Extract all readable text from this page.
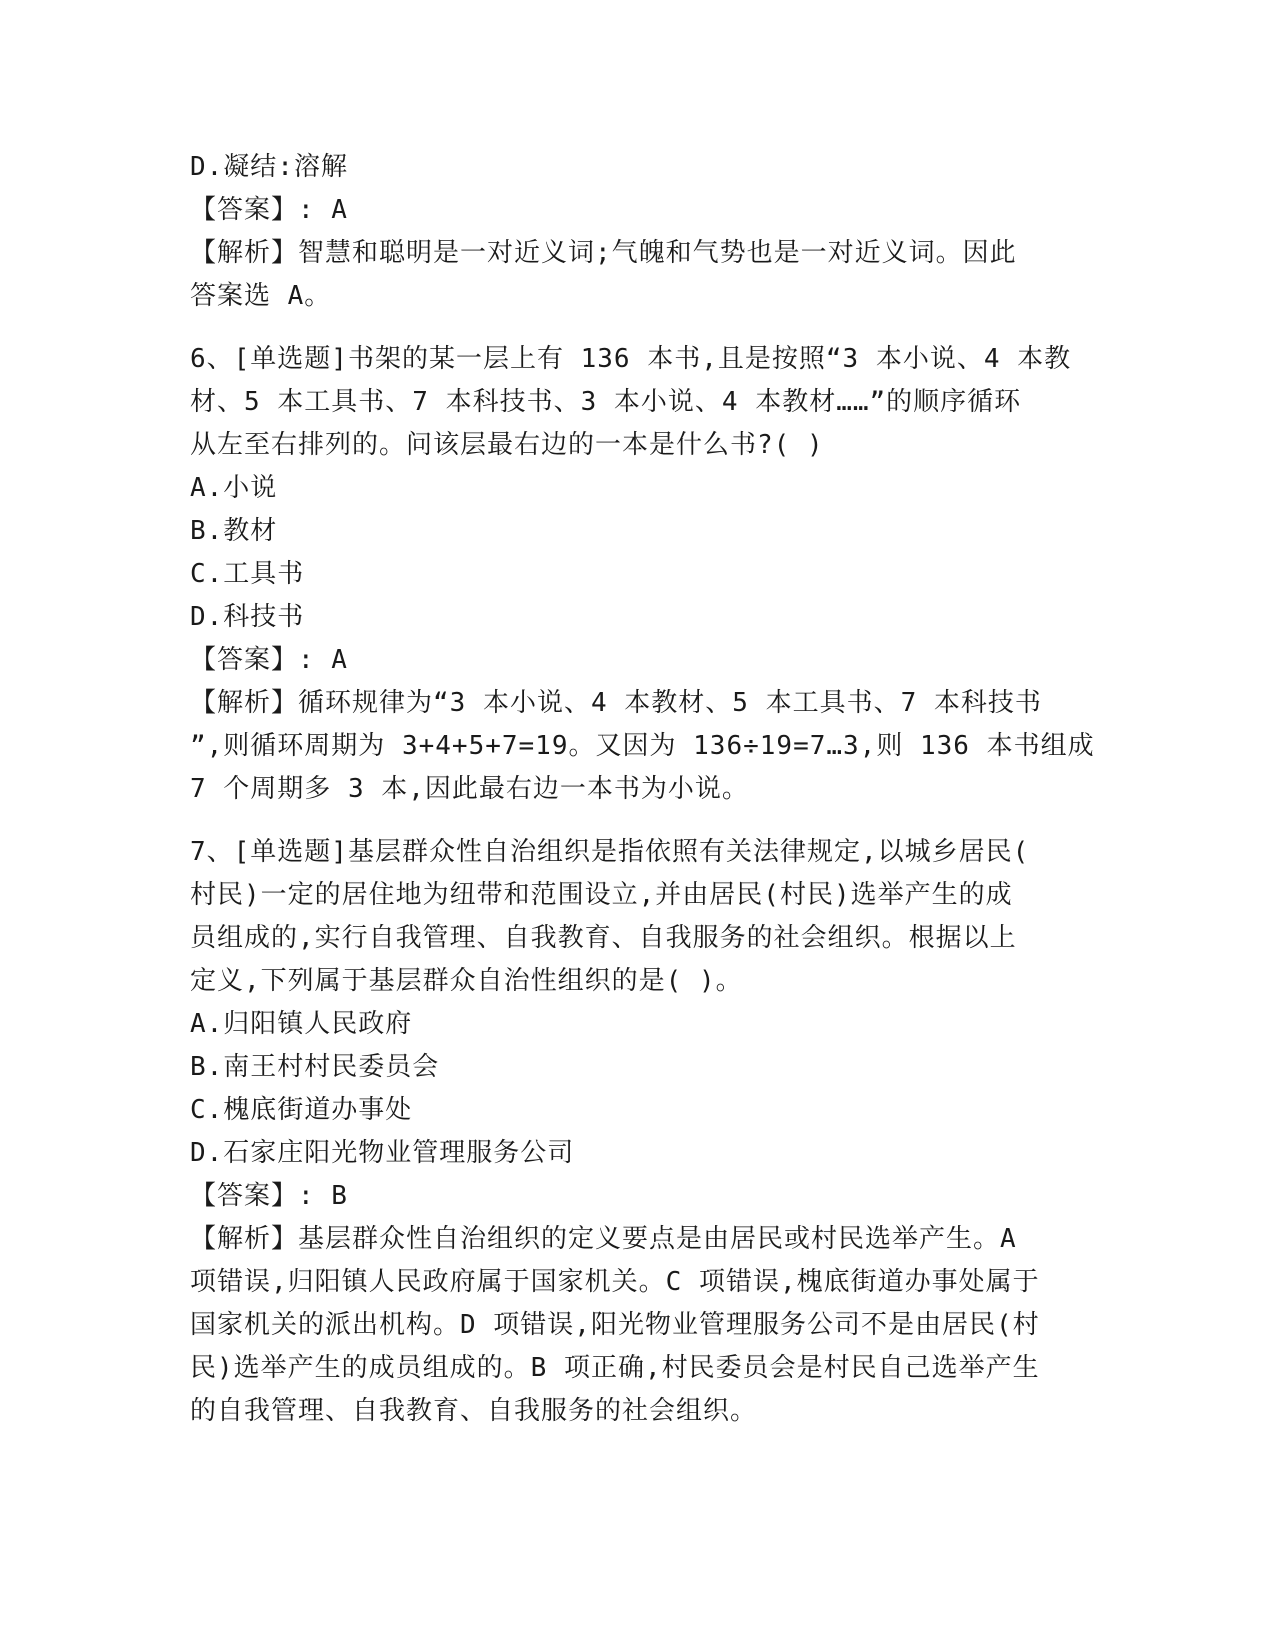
D.凝结:溶解
【答案】: A
【解析】智慧和聪明是一对近义词;气魄和气势也是一对近义词。因此
答案选 A。
6、[单选题]书架的某一层上有 136 本书,且是按照“3 本小说、4 本教
材、5 本工具书、7 本科技书、3 本小说、4 本教材……”的顺序循环
从左至右排列的。问该层最右边的一本是什么书?( )
A.小说
B.教材
C.工具书
D.科技书
【答案】: A
【解析】循环规律为“3 本小说、4 本教材、5 本工具书、7 本科技书
”,则循环周期为 3+4+5+7=19。又因为 136÷19=7…3,则 136 本书组成
7 个周期多 3 本,因此最右边一本书为小说。
7、[单选题]基层群众性自治组织是指依照有关法律规定,以城乡居民(
村民)一定的居住地为纽带和范围设立,并由居民(村民)选举产生的成
员组成的,实行自我管理、自我教育、自我服务的社会组织。根据以上
定义,下列属于基层群众自治性组织的是( )。
A.归阳镇人民政府
B.南王村村民委员会
C.槐底街道办事处
D.石家庄阳光物业管理服务公司
【答案】: B
【解析】基层群众性自治组织的定义要点是由居民或村民选举产生。A
项错误,归阳镇人民政府属于国家机关。C 项错误,槐底街道办事处属于
国家机关的派出机构。D 项错误,阳光物业管理服务公司不是由居民(村
民)选举产生的成员组成的。B 项正确,村民委员会是村民自己选举产生
的自我管理、自我教育、自我服务的社会组织。
